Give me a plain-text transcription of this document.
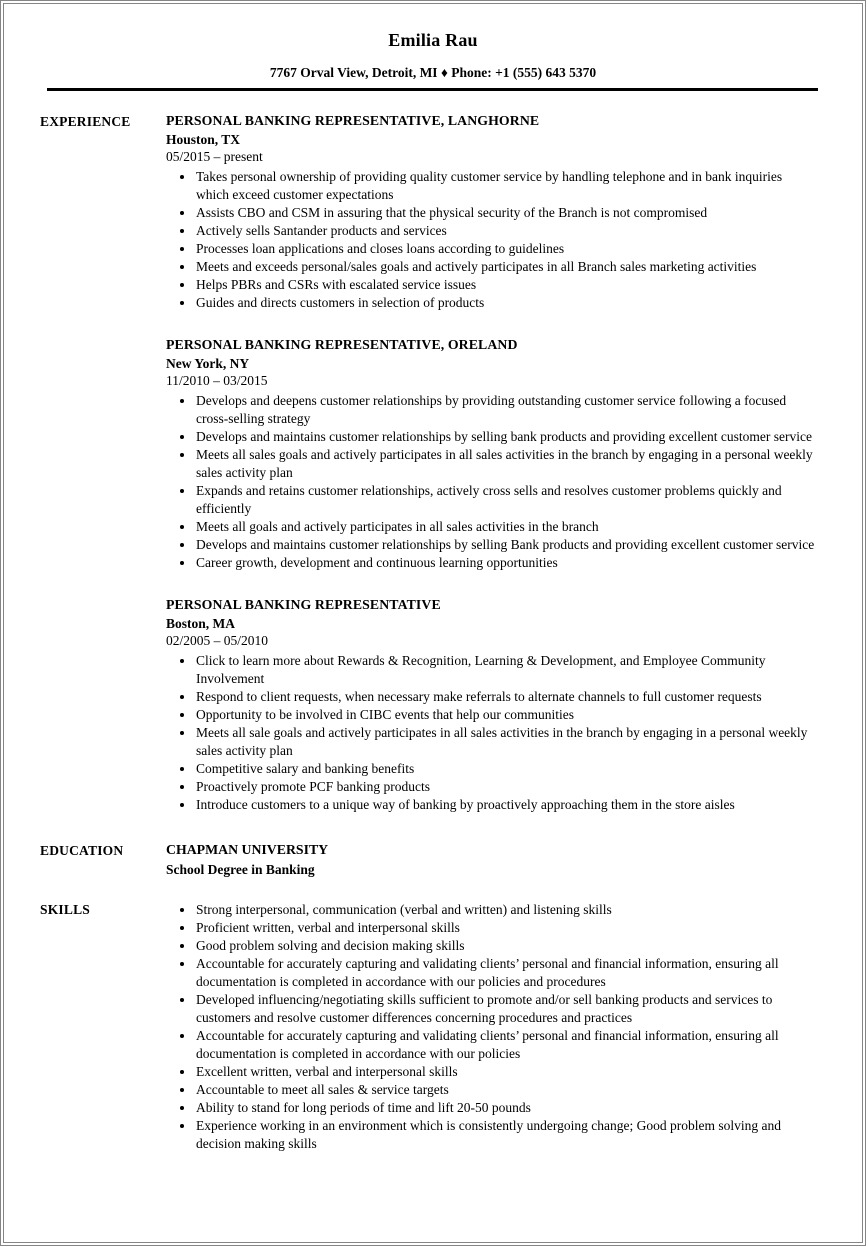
Emilia Rau
7767 Orval View, Detroit, MI ♦ Phone: +1 (555) 643 5370
EXPERIENCE	PERSONAL BANKING REPRESENTATIVE, LANGHORNE
Houston, TX
05/2015 – present
• Takes personal ownership of providing quality customer service by handling telephone and in bank inquiries which exceed customer expectations
• Assists CBO and CSM in assuring that the physical security of the Branch is not compromised
• Actively sells Santander products and services
• Processes loan applications and closes loans according to guidelines
• Meets and exceeds personal/sales goals and actively participates in all Branch sales marketing activities
• Helps PBRs and CSRs with escalated service issues
• Guides and directs customers in selection of products
PERSONAL BANKING REPRESENTATIVE, ORELAND
New York, NY
11/2010 – 03/2015
• Develops and deepens customer relationships by providing outstanding customer service following a focused cross-selling strategy
• Develops and maintains customer relationships by selling bank products and providing excellent customer service
• Meets all sales goals and actively participates in all sales activities in the branch by engaging in a personal weekly sales activity plan
• Expands and retains customer relationships, actively cross sells and resolves customer problems quickly and efficiently
• Meets all goals and actively participates in all sales activities in the branch
• Develops and maintains customer relationships by selling Bank products and providing excellent customer service
• Career growth, development and continuous learning opportunities
PERSONAL BANKING REPRESENTATIVE
Boston, MA
02/2005 – 05/2010
• Click to learn more about Rewards & Recognition, Learning & Development, and Employee Community Involvement
• Respond to client requests, when necessary make referrals to alternate channels to full customer requests
• Opportunity to be involved in CIBC events that help our communities
• Meets all sale goals and actively participates in all sales activities in the branch by engaging in a personal weekly sales activity plan
• Competitive salary and banking benefits
• Proactively promote PCF banking products
• Introduce customers to a unique way of banking by proactively approaching them in the store aisles
EDUCATION	CHAPMAN UNIVERSITY
School Degree in Banking
SKILLS	• Strong interpersonal, communication (verbal and written) and listening skills
• Proficient written, verbal and interpersonal skills
• Good problem solving and decision making skills
• Accountable for accurately capturing and validating clients’ personal and financial information, ensuring all documentation is completed in accordance with our policies and procedures
• Developed influencing/negotiating skills sufficient to promote and/or sell banking products and services to customers and resolve customer differences concerning procedures and practices
• Accountable for accurately capturing and validating clients’ personal and financial information, ensuring all documentation is completed in accordance with our policies
• Excellent written, verbal and interpersonal skills
• Accountable to meet all sales & service targets
• Ability to stand for long periods of time and lift 20-50 pounds
• Experience working in an environment which is consistently undergoing change; Good problem solving and decision making skills
